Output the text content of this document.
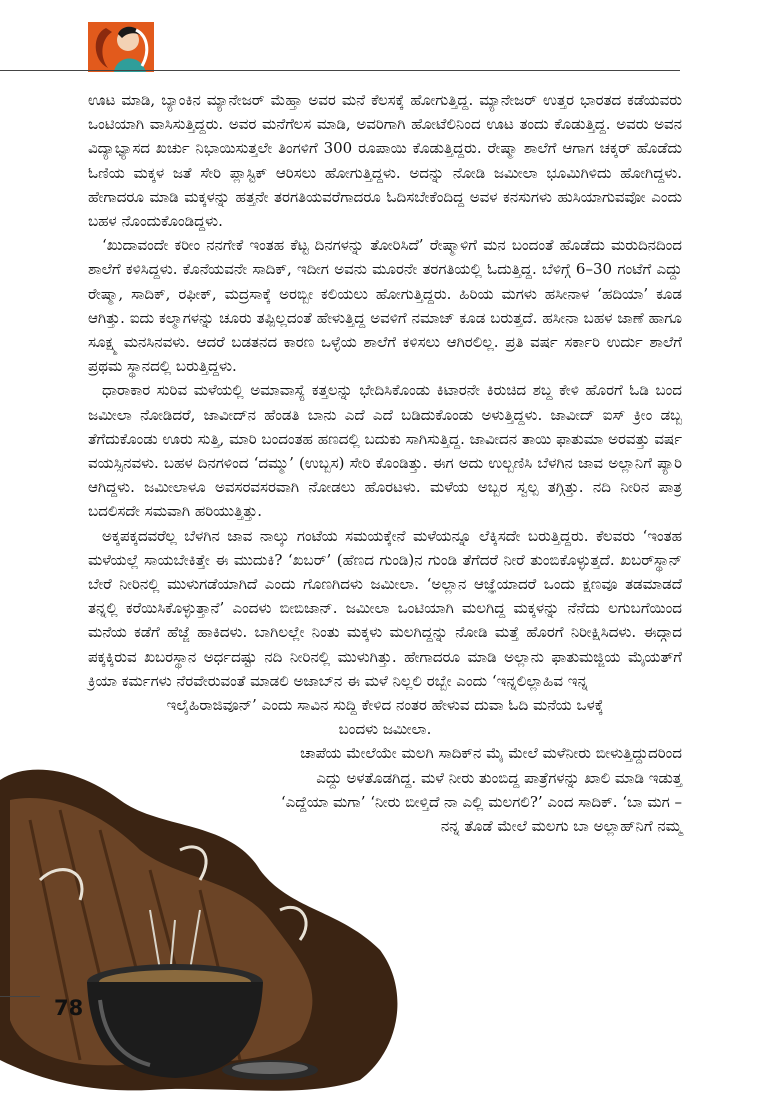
78

ಊಟ ಮಾಡಿ, ಬ್ಯಾಂಕಿನ ಮ್ಯಾನೇಜರ್ ಮೆಹ್ತಾ ಅವರ ಮನೆ ಕೆಲಸಕ್ಕೆ ಹೋಗುತ್ತಿದ್ದ. ಮ್ಯಾನೇಜರ್ ಉತ್ತರ ಭಾರತದ ಕಡೆಯವರು ಒಂಟಿಯಾಗಿ ವಾಸಿಸುತ್ತಿದ್ದರು. ಅವರ ಮನೆಗೆಲಸ ಮಾಡಿ, ಅವರಿಗಾಗಿ ಹೋಟೆಲಿನಿಂದ ಊಟ ತಂದು ಕೊಡುತ್ತಿದ್ದ. ಅವರು ಅವನ ವಿದ್ಯಾಭ್ಯಾಸದ ಖರ್ಚು ನಿಭಾಯಿಸುತ್ತಲೇ ತಿಂಗಳಿಗೆ 300 ರೂಪಾಯಿ ಕೊಡುತ್ತಿದ್ದರು. ರೇಷ್ಮಾ ಶಾಲೆಗೆ ಆಗಾಗ ಚಕ್ಕರ್ ಹೊಡೆದು ಓಣಿಯ ಮಕ್ಕಳ ಜತೆ ಸೇರಿ ಪ್ಲಾಸ್ಟಿಕ್ ಆರಿಸಲು ಹೋಗುತ್ತಿದ್ದಳು. ಅದನ್ನು ನೋಡಿ ಜಮೀಲಾ ಭೂಮಿಗಿಳಿದು ಹೋಗಿದ್ದಳು. ಹೇಗಾದರೂ ಮಾಡಿ ಮಕ್ಕಳನ್ನು ಹತ್ತನೇ ತರಗತಿಯವರೆಗಾದರೂ ಓದಿಸಬೇಕೆಂದಿದ್ದ ಅವಳ ಕನಸುಗಳು ಹುಸಿಯಾಗುವವೋ ಎಂದು ಬಹಳ ನೊಂದುಕೊಂಡಿದ್ದಳು.

‘ಖುದಾವಂದೇ ಕರೀಂ ನನಗೇಕೆ ಇಂತಹ ಕೆಟ್ಟ ದಿನಗಳನ್ನು ತೋರಿಸಿದೆ’ ರೇಷ್ಮಾಳಿಗೆ ಮನ ಬಂದಂತೆ ಹೊಡೆದು ಮರುದಿನದಿಂದ ಶಾಲೆಗೆ ಕಳಿಸಿದ್ದಳು. ಕೊನೆಯವನೇ ಸಾದಿಕ್, ಇದೀಗ ಅವನು ಮೂರನೇ ತರಗತಿಯಲ್ಲಿ ಓದುತ್ತಿದ್ದ. ಬೆಳಿಗ್ಗೆ 6–30 ಗಂಟೆಗೆ ಎದ್ದು ರೇಷ್ಮಾ, ಸಾದಿಕ್, ರಫೀಕ್, ಮದ್ರಸಾಕ್ಕೆ ಅರಬ್ಬೀ ಕಲಿಯಲು ಹೋಗುತ್ತಿದ್ದರು. ಹಿರಿಯ ಮಗಳು ಹಸೀನಾಳ ‘ಹದಿಯಾ’ ಕೂಡ ಆಗಿತ್ತು. ಐದು ಕಲ್ಮಾಗಳನ್ನು ಚೂರು ತಪ್ಪಿಲ್ಲದಂತೆ ಹೇಳುತ್ತಿದ್ದ ಅವಳಿಗೆ ನಮಾಜ್ ಕೂಡ ಬರುತ್ತದೆ. ಹಸೀನಾ ಬಹಳ ಜಾಣೆ ಹಾಗೂ ಸೂಕ್ಷ್ಮ ಮನಸಿನವಳು. ಆದರೆ ಬಡತನದ ಕಾರಣ ಒಳ್ಳೆಯ ಶಾಲೆಗೆ ಕಳಿಸಲು ಆಗಿರಲಿಲ್ಲ. ಪ್ರತಿ ವರ್ಷ ಸರ್ಕಾರಿ ಉರ್ದು ಶಾಲೆಗೆ ಪ್ರಥಮ ಸ್ಥಾನದಲ್ಲಿ ಬರುತ್ತಿದ್ದಳು.

ಧಾರಾಕಾರ ಸುರಿವ ಮಳೆಯಲ್ಲಿ ಅಮಾವಾಸ್ಯೆ ಕತ್ತಲನ್ನು ಭೇದಿಸಿಕೊಂಡು ಕಿಟಾರನೇ ಕಿರುಚಿದ ಶಬ್ದ ಕೇಳಿ ಹೊರಗೆ ಓಡಿ ಬಂದ ಜಮೀಲಾ ನೋಡಿದರೆ, ಜಾವೀದ್‌ನ ಹೆಂಡತಿ ಬಾನು ಎದೆ ಎದೆ ಬಡಿದುಕೊಂಡು ಅಳುತ್ತಿದ್ದಳು. ಜಾವೀದ್ ಐಸ್ ಕ್ರೀಂ ಡಬ್ಬ ತೆಗೆದುಕೊಂಡು ಊರು ಸುತ್ತಿ, ಮಾರಿ ಬಂದಂತಹ ಹಣದಲ್ಲಿ ಬದುಕು ಸಾಗಿಸುತ್ತಿದ್ದ. ಜಾವೀದನ ತಾಯಿ ಫಾತುಮಾ ಅರವತ್ತು ವರ್ಷ ವಯಸ್ಸಿನವಳು. ಬಹಳ ದಿನಗಳಿಂದ ‘ದಮ್ಮು’ (ಉಬ್ಬಸ) ಸೇರಿ ಕೊಂಡಿತ್ತು. ಈಗ ಅದು ಉಲ್ಬಣಿಸಿ ಬೆಳಗಿನ ಜಾವ ಅಲ್ಲಾನಿಗೆ ಪ್ಯಾರಿ ಆಗಿದ್ದಳು. ಜಮೀಲಾಳೂ ಅವಸರವಸರವಾಗಿ ನೋಡಲು ಹೊರಟಳು. ಮಳೆಯ ಅಬ್ಬರ ಸ್ವಲ್ಪ ತಗ್ಗಿತ್ತು. ನದಿ ನೀರಿನ ಪಾತ್ರ ಬದಲಿಸದೇ ಸಮವಾಗಿ ಹರಿಯುತ್ತಿತ್ತು.

ಅಕ್ಕಪಕ್ಕದವರೆಲ್ಲ ಬೆಳಗಿನ ಜಾವ ನಾಲ್ಕು ಗಂಟೆಯ ಸಮಯಕ್ಕೇನೆ ಮಳೆಯನ್ನೂ ಲೆಕ್ಕಿಸದೇ ಬರುತ್ತಿದ್ದರು. ಕೆಲವರು ‘ಇಂತಹ ಮಳೆಯಲ್ಲೆ ಸಾಯಬೇಕಿತ್ತೇ ಈ ಮುದುಕಿ? ‘ಖಬರ್’ (ಹೆಣದ ಗುಂಡಿ)ನ ಗುಂಡಿ ತೆಗೆದರೆ ನೀರೆ ತುಂಬಿಕೊಳ್ಳುತ್ತದೆ. ಖಬರ್‌ಸ್ಥಾನ್ ಬೇರೆ ನೀರಿನಲ್ಲಿ ಮುಳುಗಡೆಯಾಗಿದೆ ಎಂದು ಗೊಣಗಿದಳು ಜಮೀಲಾ. ‘ಅಲ್ಲಾನ ಆಜ್ಞೆಯಾದರೆ ಒಂದು ಕ್ಷಣವೂ ತಡಮಾಡದೆ ತನ್ನಲ್ಲಿ ಕರೆಯಿಸಿಕೊಳ್ಳುತ್ತಾನೆ’ ಎಂದಳು ಬೀಬಿಜಾನ್. ಜಮೀಲಾ ಒಂಟಿಯಾಗಿ ಮಲಗಿದ್ದ ಮಕ್ಕಳನ್ನು ನೆನೆದು ಲಗುಬಗೆಯಿಂದ ಮನೆಯ ಕಡೆಗೆ ಹೆಜ್ಜೆ ಹಾಕಿದಳು. ಬಾಗಿಲಲ್ಲೇ ನಿಂತು ಮಕ್ಕಳು ಮಲಗಿದ್ದನ್ನು ನೋಡಿ ಮತ್ತೆ ಹೊರಗೆ ನಿರೀಕ್ಷಿಸಿದಳು. ಈದ್ಗಾದ ಪಕ್ಕಕ್ಕಿರುವ ಖಬರಸ್ಥಾನ ಅರ್ಧದಷ್ಟು ನದಿ ನೀರಿನಲ್ಲಿ ಮುಳುಗಿತ್ತು. ಹೇಗಾದರೂ ಮಾಡಿ ಅಲ್ಲಾನು ಫಾತುಮಜ್ಜಿಯ ಮೈಯತ್‌ಗೆ ಕ್ರಿಯಾ ಕರ್ಮಗಳು ನೆರವೇರುವಂತೆ ಮಾಡಲಿ ಅಜಾಬ್‌ನ ಈ ಮಳೆ ನಿಲ್ಲಲಿ ರಬ್ಬೇ ಎಂದು ‘ಇನ್ನಲಿಲ್ಲಾಹಿವ ಇನ್ನ

ಇಲೈಹಿರಾಜಿವೂನ್’ ಎಂದು ಸಾವಿನ ಸುದ್ದಿ ಕೇಳಿದ ನಂತರ ಹೇಳುವ ದುವಾ ಓದಿ ಮನೆಯ ಒಳಕ್ಕೆ

ಬಂದಳು ಜಮೀಲಾ.

ಚಾಪೆಯ ಮೇಲೆಯೇ ಮಲಗಿ ಸಾದಿಕ್‌ನ ಮೈ ಮೇಲೆ ಮಳೆನೀರು ಬೀಳುತ್ತಿದ್ದುದರಿಂದ ಎದ್ದು ಅಳತೊಡಗಿದ್ದ. ಮಳೆ ನೀರು ತುಂಬಿದ್ದ ಪಾತ್ರೆಗಳನ್ನು ಖಾಲಿ ಮಾಡಿ ಇಡುತ್ತ ‘ಎದ್ದೆಯಾ ಮಗಾ’ ‘ನೀರು ಬೀಳ್ತಿದೆ ನಾ ಎಲ್ಲಿ ಮಲಗಲಿ?’ ಎಂದ ಸಾದಿಕ್. ‘ಬಾ ಮಗ – ನನ್ನ ತೊಡೆ ಮೇಲೆ ಮಲಗು ಬಾ ಅಲ್ಲಾಹ್‌ನಿಗೆ ನಮ್ಮ
